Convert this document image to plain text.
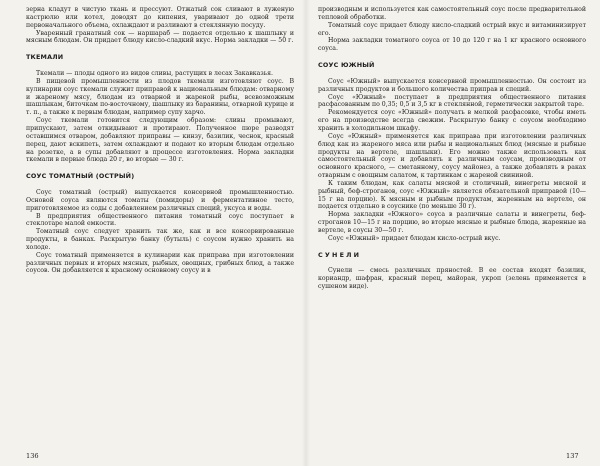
зерна кладут в чистую ткань и прессуют. Отжатый сок сливают в луженую кастрюлю или котел, доводят до кипения, уваривают до одной трети первоначального объема, охлаждают и разливают в стеклянную посуду.

Уваренный гранатный сок — наршараб — подается отдельно к шашлыку и мясным блюдам. Он придает блюду кисло-сладкий вкус. Норма закладки — 50 г.

ТКЕМАЛИ

Ткемали — плоды одного из видов сливы, растущих в лесах Закавказья.

В пищевой промышленности из плодов ткемали изготовляют соус. В кулинарии соус ткемали служит приправой к национальным блюдам: отварному и жареному мясу, блюдам из отварной и жареной рыбы, всевозможным шашлыкам, биточкам по-восточному, шашлыку из баранины, отварной курице и т. п., а также к первым блюдам, например супу харчо.

Соус ткемали готовится следующим образом: сливы промывают, припускают, затем откидывают и протирают. Полученное пюре разводят оставшимся отваром, добавляют приправы — кинзу, базилик, чеснок, красный перец, дают вскипеть, затем охлаждают и подают ко вторым блюдам отдельно на розетке, а в супы добавляют в процессе изготовления. Норма закладки ткемали в первые блюда 20 г, во вторые — 30 г.

СОУС ТОМАТНЫЙ (ОСТРЫЙ)

Соус томатный (острый) выпускается консервной промышленностью. Основой соуса являются томаты (помидоры) и ферментативное тесто, приготовляемое из соды с добавлением различных специй, уксуса и воды.

В предприятия общественного питания томатный соус поступает в стеклотаре малой емкости.

Томатный соус следует хранить так же, как и все консервированные продукты, в банках. Раскрытую банку (бутыль) с соусом нужно хранить на холоде.

Соус томатный применяется в кулинарии как приправа при изготовлении различных первых и вторых мясных, рыбных, овощных, грибных блюд, а также соусов. Он добавляется к красному основному соусу и в

136

производным и используется как самостоятельный соус после предварительной тепловой обработки.

Томатный соус придает блюду кисло-сладкий острый вкус и витаминизирует его.

Норма закладки томатного соуса от 10 до 120 г на 1 кг красного основного соуса.

СОУС ЮЖНЫЙ

Соус «Южный» выпускается консервной промышленностью. Он состоит из различных продуктов и большого количества приправ и специй.

Соус «Южный» поступает в предприятия общественного питания расфасованным по 0,35; 0,5 и 3,5 кг в стеклянной, герметически закрытой таре.

Рекомендуется соус «Южный» получать в мелкой расфасовке, чтобы иметь его на производстве всегда свежим. Раскрытую банку с соусом необходимо хранить в холодильном шкафу.

Соус «Южный» применяется как приправа при изготовлении различных блюд как из жареного мяса или рыбы и национальных блюд (мясные и рыбные продукты на вертеле, шашлыки). Его можно также использовать как самостоятельный соус и добавлять к различным соусам, производным от основного красного, — сметанному, соусу майонез, а также добавлять в раках отварным с овощным салатом, к тартинкам с жареной свининой.

К таким блюдам, как салаты мясной и столичный, винегреты мясной и рыбный, беф-строганов, соус «Южный» является обязательной приправой (10—15 г на порцию). К мясным и рыбным продуктам, жаренным на вертеле, он подается отдельно в соуснике (по меньше 30 г).

Норма закладки «Южного» соуса в различные салаты и винегреты, беф-строганов 10—15 г на порцию, во вторые мясные и рыбные блюда, жаренные на вертеле, в соусы 30—50 г.

Соус «Южный» придает блюдам кисло-острый вкус.

СУНЕЛИ

Сунели — смесь различных пряностей. В ее состав входят базилик, кориандр, шафран, красный перец, майоран, укроп (зелень применяется в сушеном виде).

137
